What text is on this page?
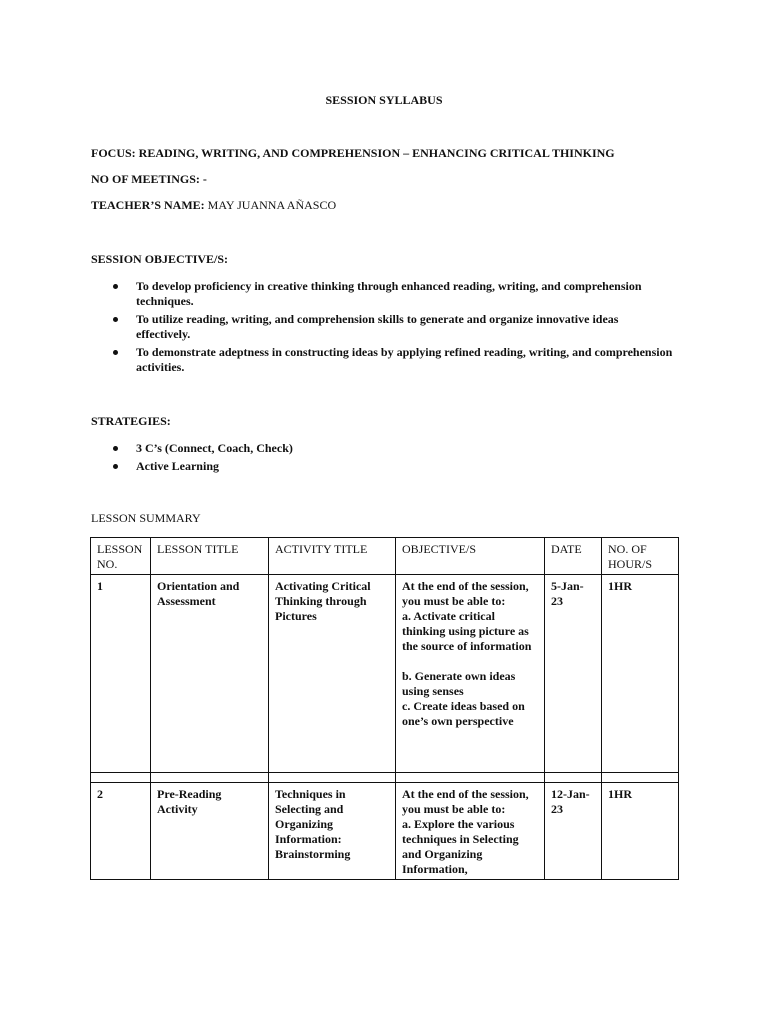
SESSION SYLLABUS
FOCUS: READING, WRITING, AND COMPREHENSION – ENHANCING CRITICAL THINKING
NO OF MEETINGS: -
TEACHER’S NAME: MAY JUANNA AÑASCO
SESSION OBJECTIVE/S:
To develop proficiency in creative thinking through enhanced reading, writing, and comprehension techniques.
To utilize reading, writing, and comprehension skills to generate and organize innovative ideas effectively.
To demonstrate adeptness in constructing ideas by applying refined reading, writing, and comprehension activities.
STRATEGIES:
3 C’s (Connect, Coach, Check)
Active Learning
LESSON SUMMARY
LESSON NO.	LESSON TITLE	ACTIVITY TITLE	OBJECTIVE/S	DATE	NO. OF HOUR/S
1	Orientation and Assessment	Activating Critical Thinking through Pictures	At the end of the session, you must be able to:
a. Activate critical thinking using picture as the source of information
b. Generate own ideas using senses
c. Create ideas based on one’s own perspective	5-Jan-23	1HR

2	Pre-Reading Activity	Techniques in Selecting and Organizing Information: Brainstorming	At the end of the session, you must be able to:
a. Explore the various techniques in Selecting and Organizing Information,	12-Jan-23	1HR
